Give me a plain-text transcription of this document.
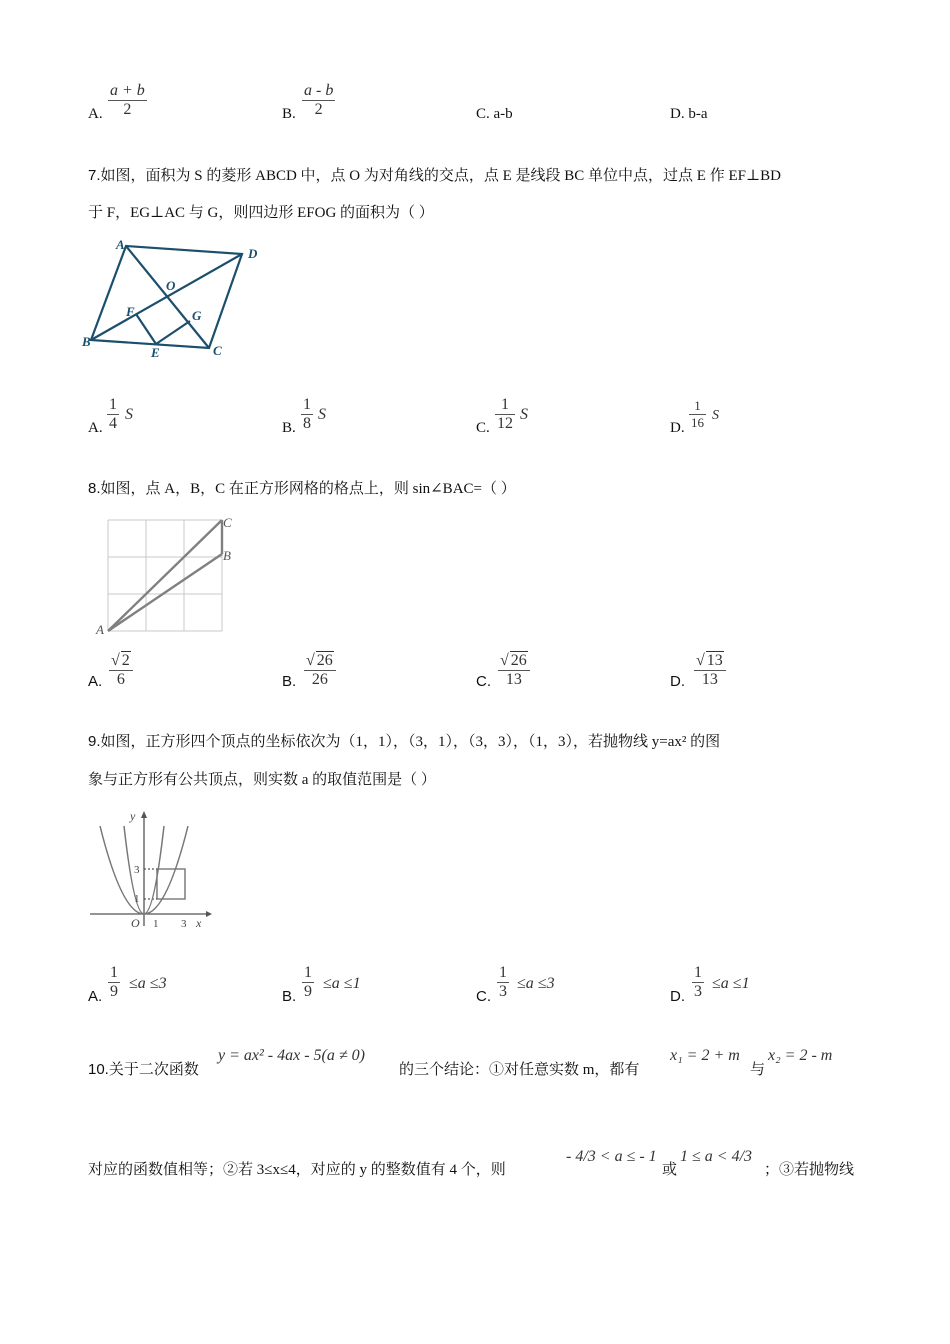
A. $\frac{a + b}{2}$	B. $\frac{a - b}{2}$	C. a-b	D. b-a
7.如图，面积为 S 的菱形 ABCD 中，点 O 为对角线的交点，点 E 是线段 BC 单位中点，过点 E 作 EF⊥BD
于 F，EG⊥AC 与 G，则四边形 EFOG 的面积为（ ）
A
D
O
F	G
B
E	C
A. $\frac{1}{4}$ S
B. $\frac{1}{8}$ S
C. $\frac{1}{12}$ S
D. $\frac{1}{16}$ S
8.如图，点 A，B，C 在正方形网格的格点上，则 sin∠BAC=（ ）
A
B
C
A. $\frac{√ 2}{6}$	B. $\frac{√ 26}{26}$	C. $\frac{√ 26}{13}$	D. $\frac{√ 13}{13}$
9.如图，正方形四个顶点的坐标依次为（1，1），（3，1），（3，3），（1，3），若抛物线 y=ax² 的图
象与正方形有公共顶点，则实数 a 的取值范围是（ ）
y
x
O 1 3
1
3
A. $\frac{1}{9} \le a \le 3$
B. $\frac{1}{9} \le a \le 1$
C. $\frac{1}{3} \le a \le 3$
D. $\frac{1}{3} \le a \le 1$
10.关于二次函数
y = ax² - 4ax - 5(a ≠ 0)
的三个结论：①对任意实数 m，都有
x₁ = 2 + m
与
x₂ = 2 - m
对应的函数值相等；②若 3≤x≤4，对应的 y 的整数值有 4 个，则
- 4/3 < a ≤ - 1
或
1 ≤ a < 4/3
；③若抛物线
